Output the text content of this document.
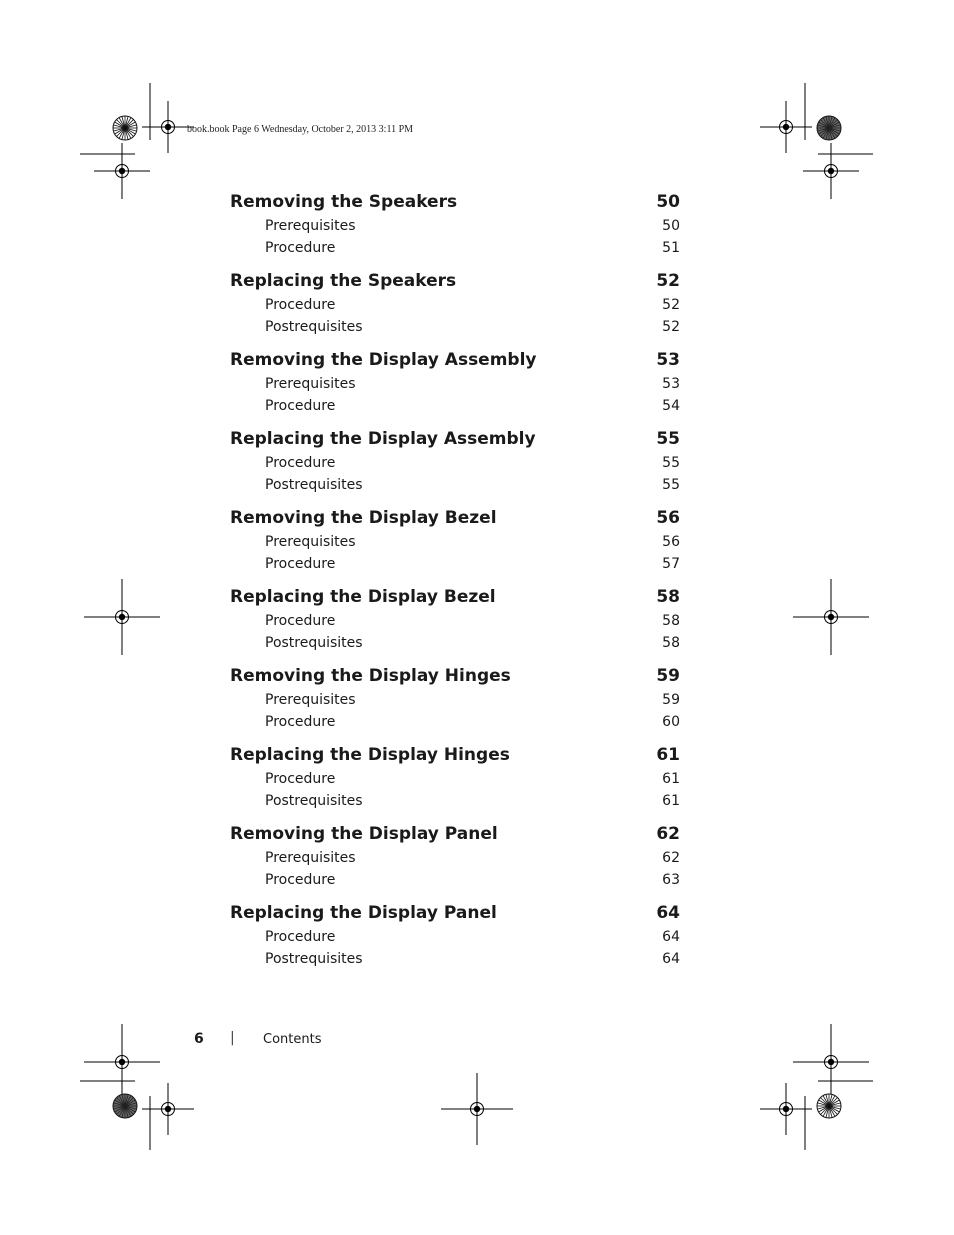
book.book Page 6 Wednesday, October 2, 2013 3:11 PM
Removing the Speakers	50
Prerequisites	50
Procedure	51
Replacing the Speakers	52
Procedure	52
Postrequisites	52
Removing the Display Assembly	53
Prerequisites	53
Procedure	54
Replacing the Display Assembly	55
Procedure	55
Postrequisites	55
Removing the Display Bezel	56
Prerequisites	56
Procedure	57
Replacing the Display Bezel	58
Procedure	58
Postrequisites	58
Removing the Display Hinges	59
Prerequisites	59
Procedure	60
Replacing the Display Hinges	61
Procedure	61
Postrequisites	61
Removing the Display Panel	62
Prerequisites	62
Procedure	63
Replacing the Display Panel	64
Procedure	64
Postrequisites	64
6 | Contents
